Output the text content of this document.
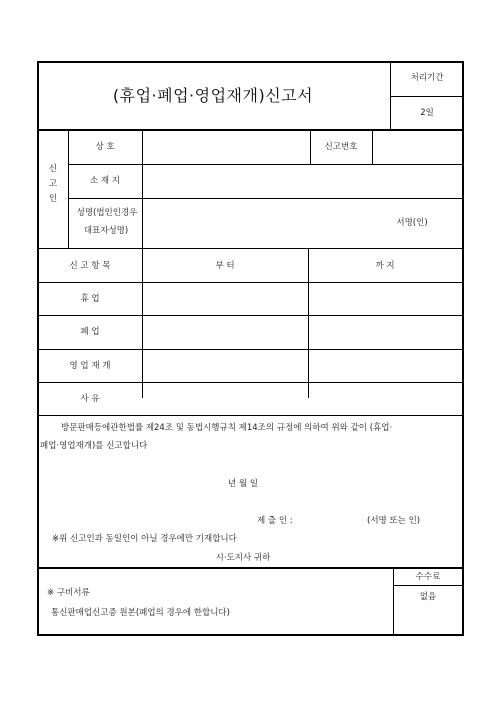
(휴업·폐업·영업재개)신고서
처리기간
2일
신
고
인
상 호	신고번호
소 재 지
성명(법인인경우
대표자성명)
서명(인)
신 고 항 목	부 터	까 지
휴 업
폐 업
영 업 재 개
사 유
방문판매등에관한법률 제24조 및 동법시행규칙 제14조의 규정에 의하여 위와 같이 (휴업·
폐업·영업재개)를 신고합니다
년 월 일
제 출 인 :	(서명 또는 인)
※위 신고인과 동일인이 아닐 경우에만 기재합니다
시·도지사 귀하
※ 구비서류
통신판매업신고증 원본(폐업의 경우에 한합니다)
수수료
없음
